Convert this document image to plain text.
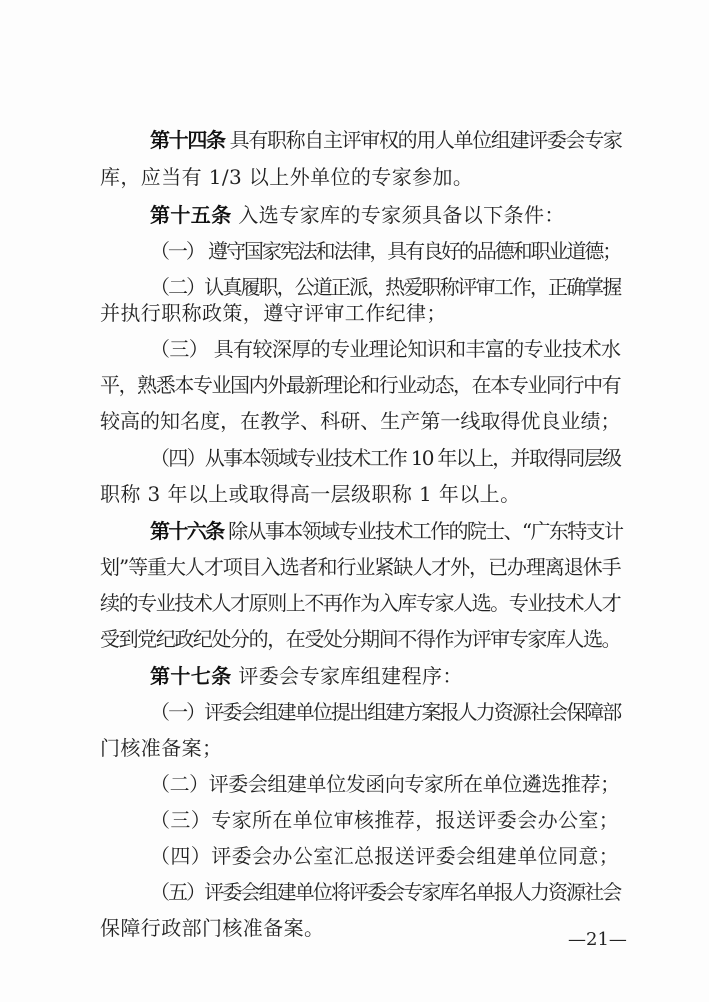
第十四条 具有职称自主评审权的用人单位组建评委会专家
库，应当有 1/3 以上外单位的专家参加。
第十五条 入选专家库的专家须具备以下条件：
（一） 遵守国家宪法和法律，具有良好的品德和职业道德；
（二）认真履职，公道正派，热爱职称评审工作，正确掌握
并执行职称政策，遵守评审工作纪律；
（三） 具有较深厚的专业理论知识和丰富的专业技术水
平，熟悉本专业国内外最新理论和行业动态，在本专业同行中有
较高的知名度，在教学、科研、生产第一线取得优良业绩；
（四）从事本领域专业技术工作 10 年以上，并取得同层级
职称 3 年以上或取得高一层级职称 1 年以上。
第十六条 除从事本领域专业技术工作的院士、“广东特支计
划”等重大人才项目入选者和行业紧缺人才外，已办理离退休手
续的专业技术人才原则上不再作为入库专家人选。专业技术人才
受到党纪政纪处分的，在受处分期间不得作为评审专家库人选。
第十七条 评委会专家库组建程序：
（一）评委会组建单位提出组建方案报人力资源社会保障部
门核准备案；
（二）评委会组建单位发函向专家所在单位遴选推荐；
（三）专家所在单位审核推荐，报送评委会办公室；
（四）评委会办公室汇总报送评委会组建单位同意；
（五）评委会组建单位将评委会专家库名单报人力资源社会
保障行政部门核准备案。	—21—
